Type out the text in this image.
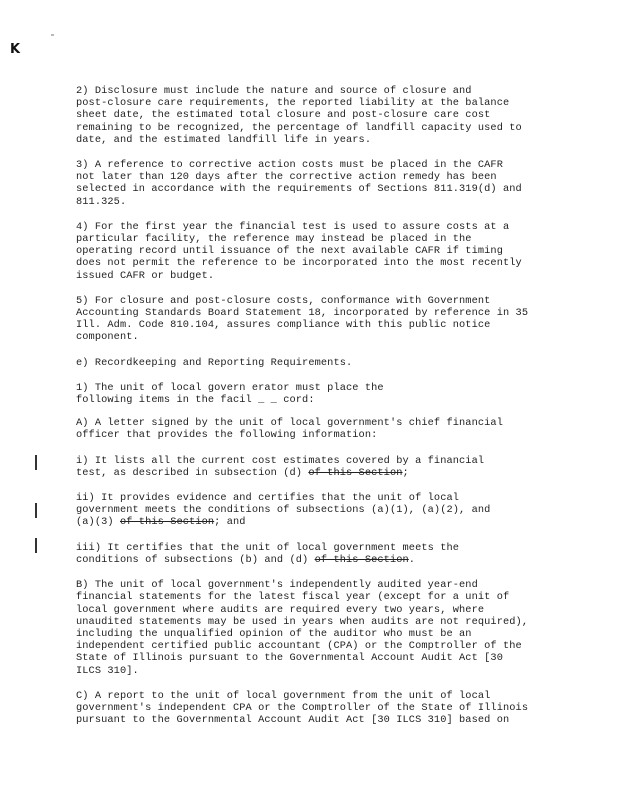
K
2) Disclosure must include the nature and source of closure and
post-closure care requirements, the reported liability at the balance
sheet date, the estimated total closure and post-closure care cost
remaining to be recognized, the percentage of landfill capacity used to
date, and the estimated landfill life in years.
3) A reference to corrective action costs must be placed in the CAFR
not later than 120 days after the corrective action remedy has been
selected in accordance with the requirements of Sections 811.319(d) and
811.325.
4) For the first year the financial test is used to assure costs at a
particular facility, the reference may instead be placed in the
operating record until issuance of the next available CAFR if timing
does not permit the reference to be incorporated into the most recently
issued CAFR or budget.
5) For closure and post-closure costs, conformance with Government
Accounting Standards Board Statement 18, incorporated by reference in 35
Ill. Adm. Code 810.104, assures compliance with this public notice
component.
e) Recordkeeping and Reporting Requirements.
1) The unit of local govern erator must place the
following items in the facil _ _ cord:
A) A letter signed by the unit of local government's chief financial
officer that provides the following information:
i) It lists all the current cost estimates covered by a financial
test, as described in subsection (d) of this Section;
ii) It provides evidence and certifies that the unit of local
government meets the conditions of subsections (a)(1), (a)(2), and
(a)(3) of this Section; and
iii) It certifies that the unit of local government meets the
conditions of subsections (b) and (d) of this Section.
B) The unit of local government's independently audited year-end
financial statements for the latest fiscal year (except for a unit of
local government where audits are required every two years, where
unaudited statements may be used in years when audits are not required),
including the unqualified opinion of the auditor who must be an
independent certified public accountant (CPA) or the Comptroller of the
State of Illinois pursuant to the Governmental Account Audit Act [30
ILCS 310].
C) A report to the unit of local government from the unit of local
government's independent CPA or the Comptroller of the State of Illinois
pursuant to the Governmental Account Audit Act [30 ILCS 310] based on
